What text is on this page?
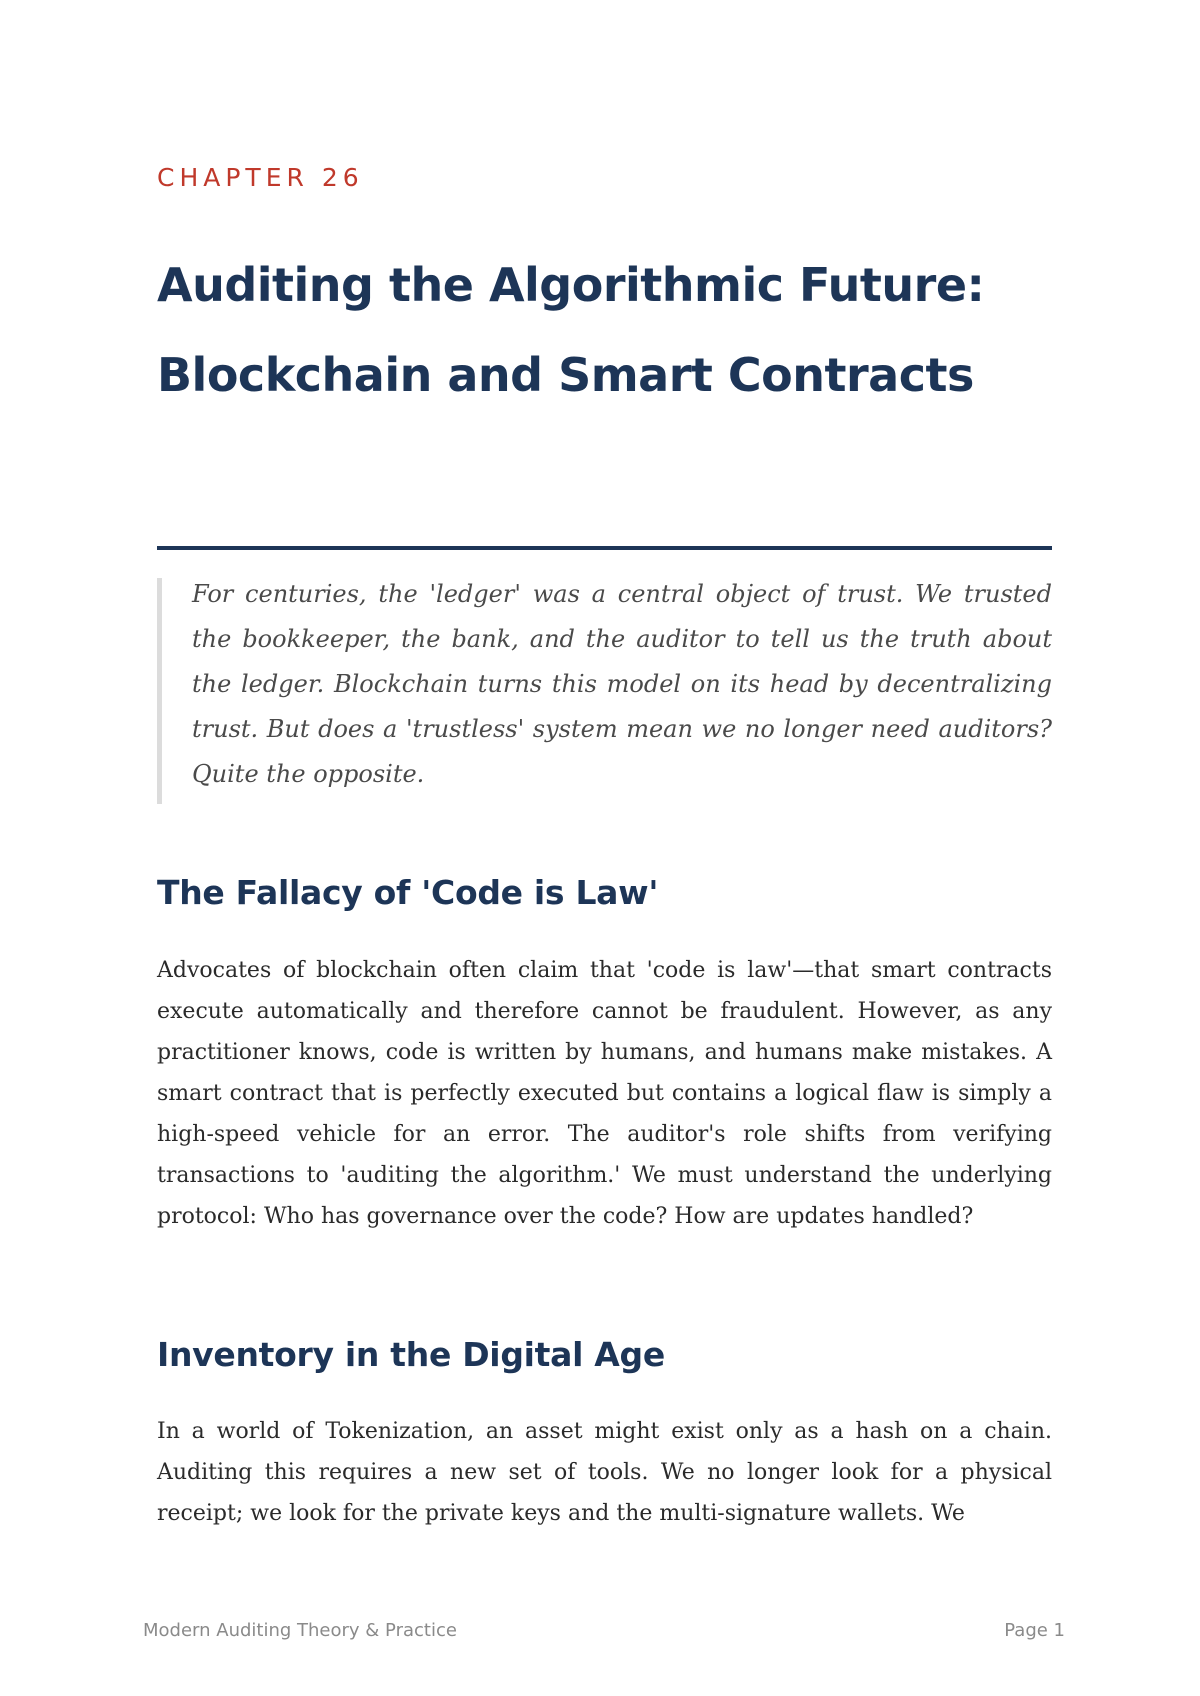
CHAPTER 26
Auditing the Algorithmic Future: Blockchain and Smart Contracts

For centuries, the 'ledger' was a central object of trust. We trusted the bookkeeper, the bank, and the auditor to tell us the truth about the ledger. Blockchain turns this model on its head by decentralizing trust. But does a 'trustless' system mean we no longer need auditors? Quite the opposite.

The Fallacy of 'Code is Law'

Advocates of blockchain often claim that 'code is law'—that smart contracts execute automatically and therefore cannot be fraudulent. However, as any practitioner knows, code is written by humans, and humans make mistakes. A smart contract that is perfectly executed but contains a logical flaw is simply a high-speed vehicle for an error. The auditor's role shifts from verifying transactions to 'auditing the algorithm.' We must understand the underlying protocol: Who has governance over the code? How are updates handled?

Inventory in the Digital Age

In a world of Tokenization, an asset might exist only as a hash on a chain. Auditing this requires a new set of tools. We no longer look for a physical receipt; we look for the private keys and the multi-signature wallets. We

Modern Auditing Theory & Practice	Page 1
